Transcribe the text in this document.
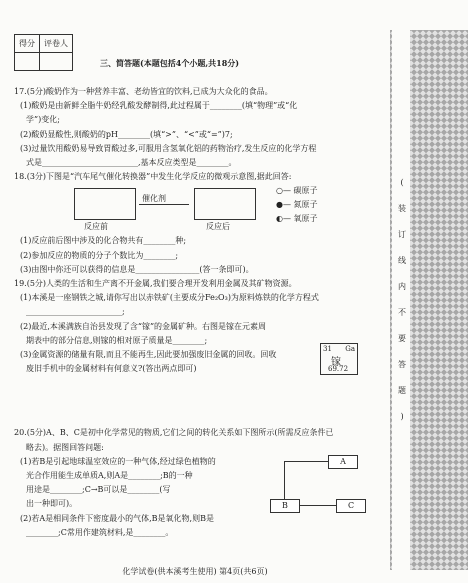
得分	评卷人

三、简答题(本题包括4个小题,共18分)
17.(5分)酸奶作为一种营养丰富、老幼皆宜的饮料,已成为大众化的食品。
(1)酸奶是由新鲜全脂牛奶经乳酸发酵制得,此过程属于________(填“物理”或“化
学”)变化;
(2)酸奶显酸性,则酸奶的pH________(填“>”、“<”或“=”)7;
(3)过量饮用酸奶易导致胃酸过多,可服用含氢氧化铝的药物治疗,发生反应的化学方程
式是________________________,基本反应类型是________。
18.(3分)下图是“汽车尾气催化转换器”中发生化学反应的微观示意图,据此回答:
催化剂
反应前	反应后
○— 碳原子
●— 氮原子
◐— 氧原子
(1)反应前后图中涉及的化合物共有________种;
(2)参加反应的物质的分子个数比为________;
(3)由图中你还可以获得的信息是________________(答一条即可)。
19.(5分)人类的生活和生产离不开金属,我们要合理开发利用金属及其矿物资源。
(1)本溪是一座钢铁之城,请你写出以赤铁矿(主要成分Fe₂O₃)为原料炼铁的化学方程式
________________________;
(2)最近,本溪满族自治县发现了含“镓”的金属矿种。右图是镓在元素周
期表中的部分信息,则镓的相对原子质量是________;
(3)金属资源的储量有限,而且不能再生,因此要加强废旧金属的回收。回收
废旧手机中的金属材料有何意义?(答出两点即可)
20.(5分)A、B、C是初中化学常见的物质,它们之间的转化关系如下图所示(所需反应条件已
略去)。据图回答问题:
(1)若B是引起地球温室效应的一种气体,经过绿色植物的
光合作用能生成单质A,则A是________;B的一种
用途是________;C→B可以是________(写
出一种即可)。
(2)若A是相同条件下密度最小的气体,B是氧化物,则B是
________;C常用作建筑材料,是________。
31 Ga
镓
69.72
A
B	C
(
装
订
线
内
不
要
答
题
)
化学试卷(供本溪考生使用) 第4页(共6页)
